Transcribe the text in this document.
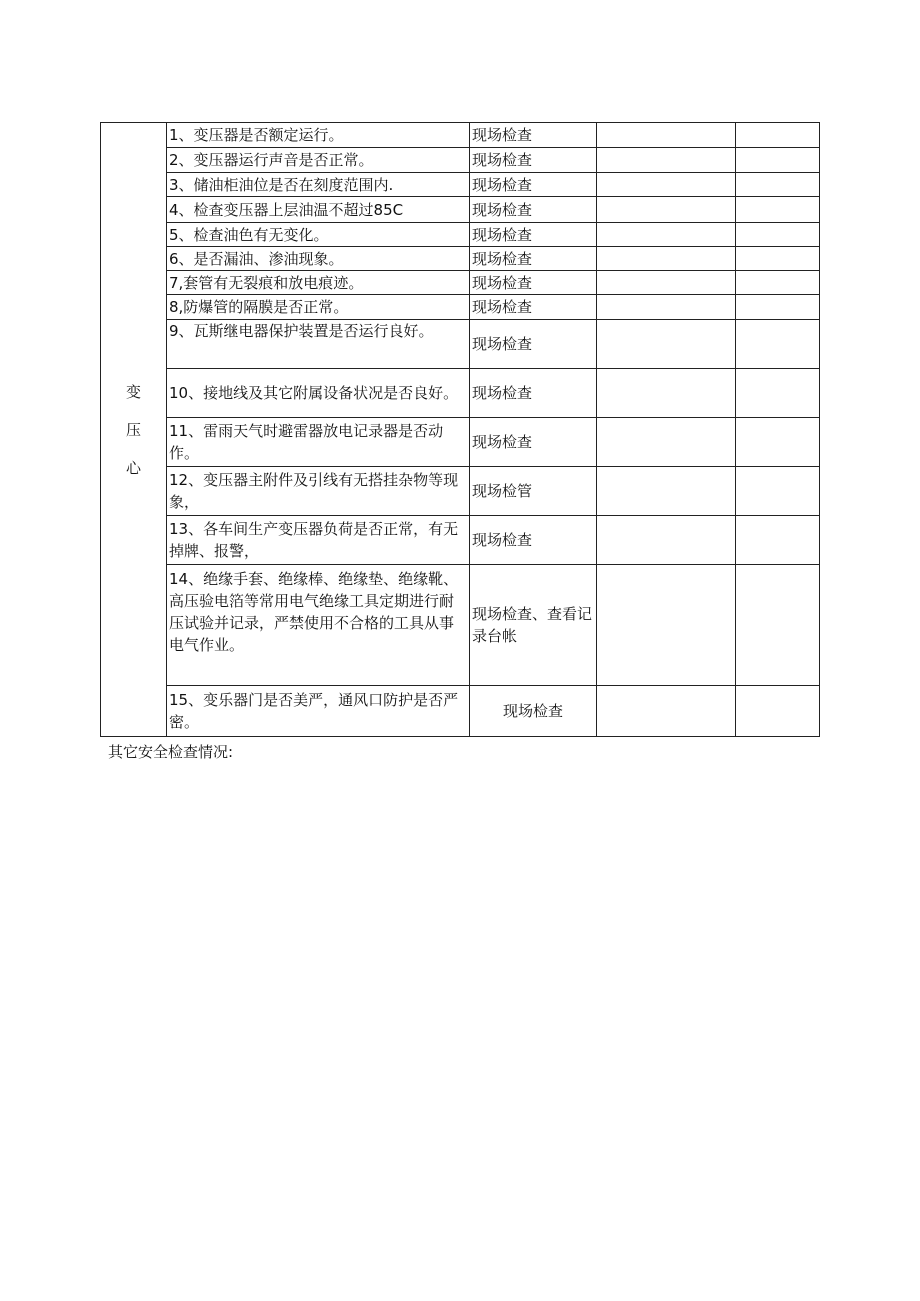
变
压
心	1、变压器是否额定运行。	现场检查		
	2、变压器运行声音是否正常。	现场检查		
	3、储油柜油位是否在刻度范围内.	现场检查		
	4、检查变压器上层油温不超过85C	现场检查		
	5、检查油色有无变化。	现场检查		
	6、是否漏油、渗油现象。	现场检查		
	7,套管有无裂痕和放电痕迹。	现场检查		
	8,防爆管的隔膜是否正常。	现场检查		
	9、瓦斯继电器保护装置是否运行良好。	现场检查		
	10、接地线及其它附属设备状况是否良好。	现场检查		
	11、雷雨天气时避雷器放电记录器是否动作。	现场检查		
	12、变压器主附件及引线有无搭挂杂物等现象，	现场检管		
	13、各车间生产变压器负荷是否正常，有无掉牌、报警，	现场检查		
	14、绝缘手套、绝缘棒、绝缘垫、绝缘靴、高压验电箔等常用电气绝缘工具定期进行耐压试验并记录，严禁使用不合格的工具从事电气作业。	现场检查、查看记录台帐		
	15、变乐器门是否美严，通风口防护是否严密。	现场检查		
其它安全检查情况:
